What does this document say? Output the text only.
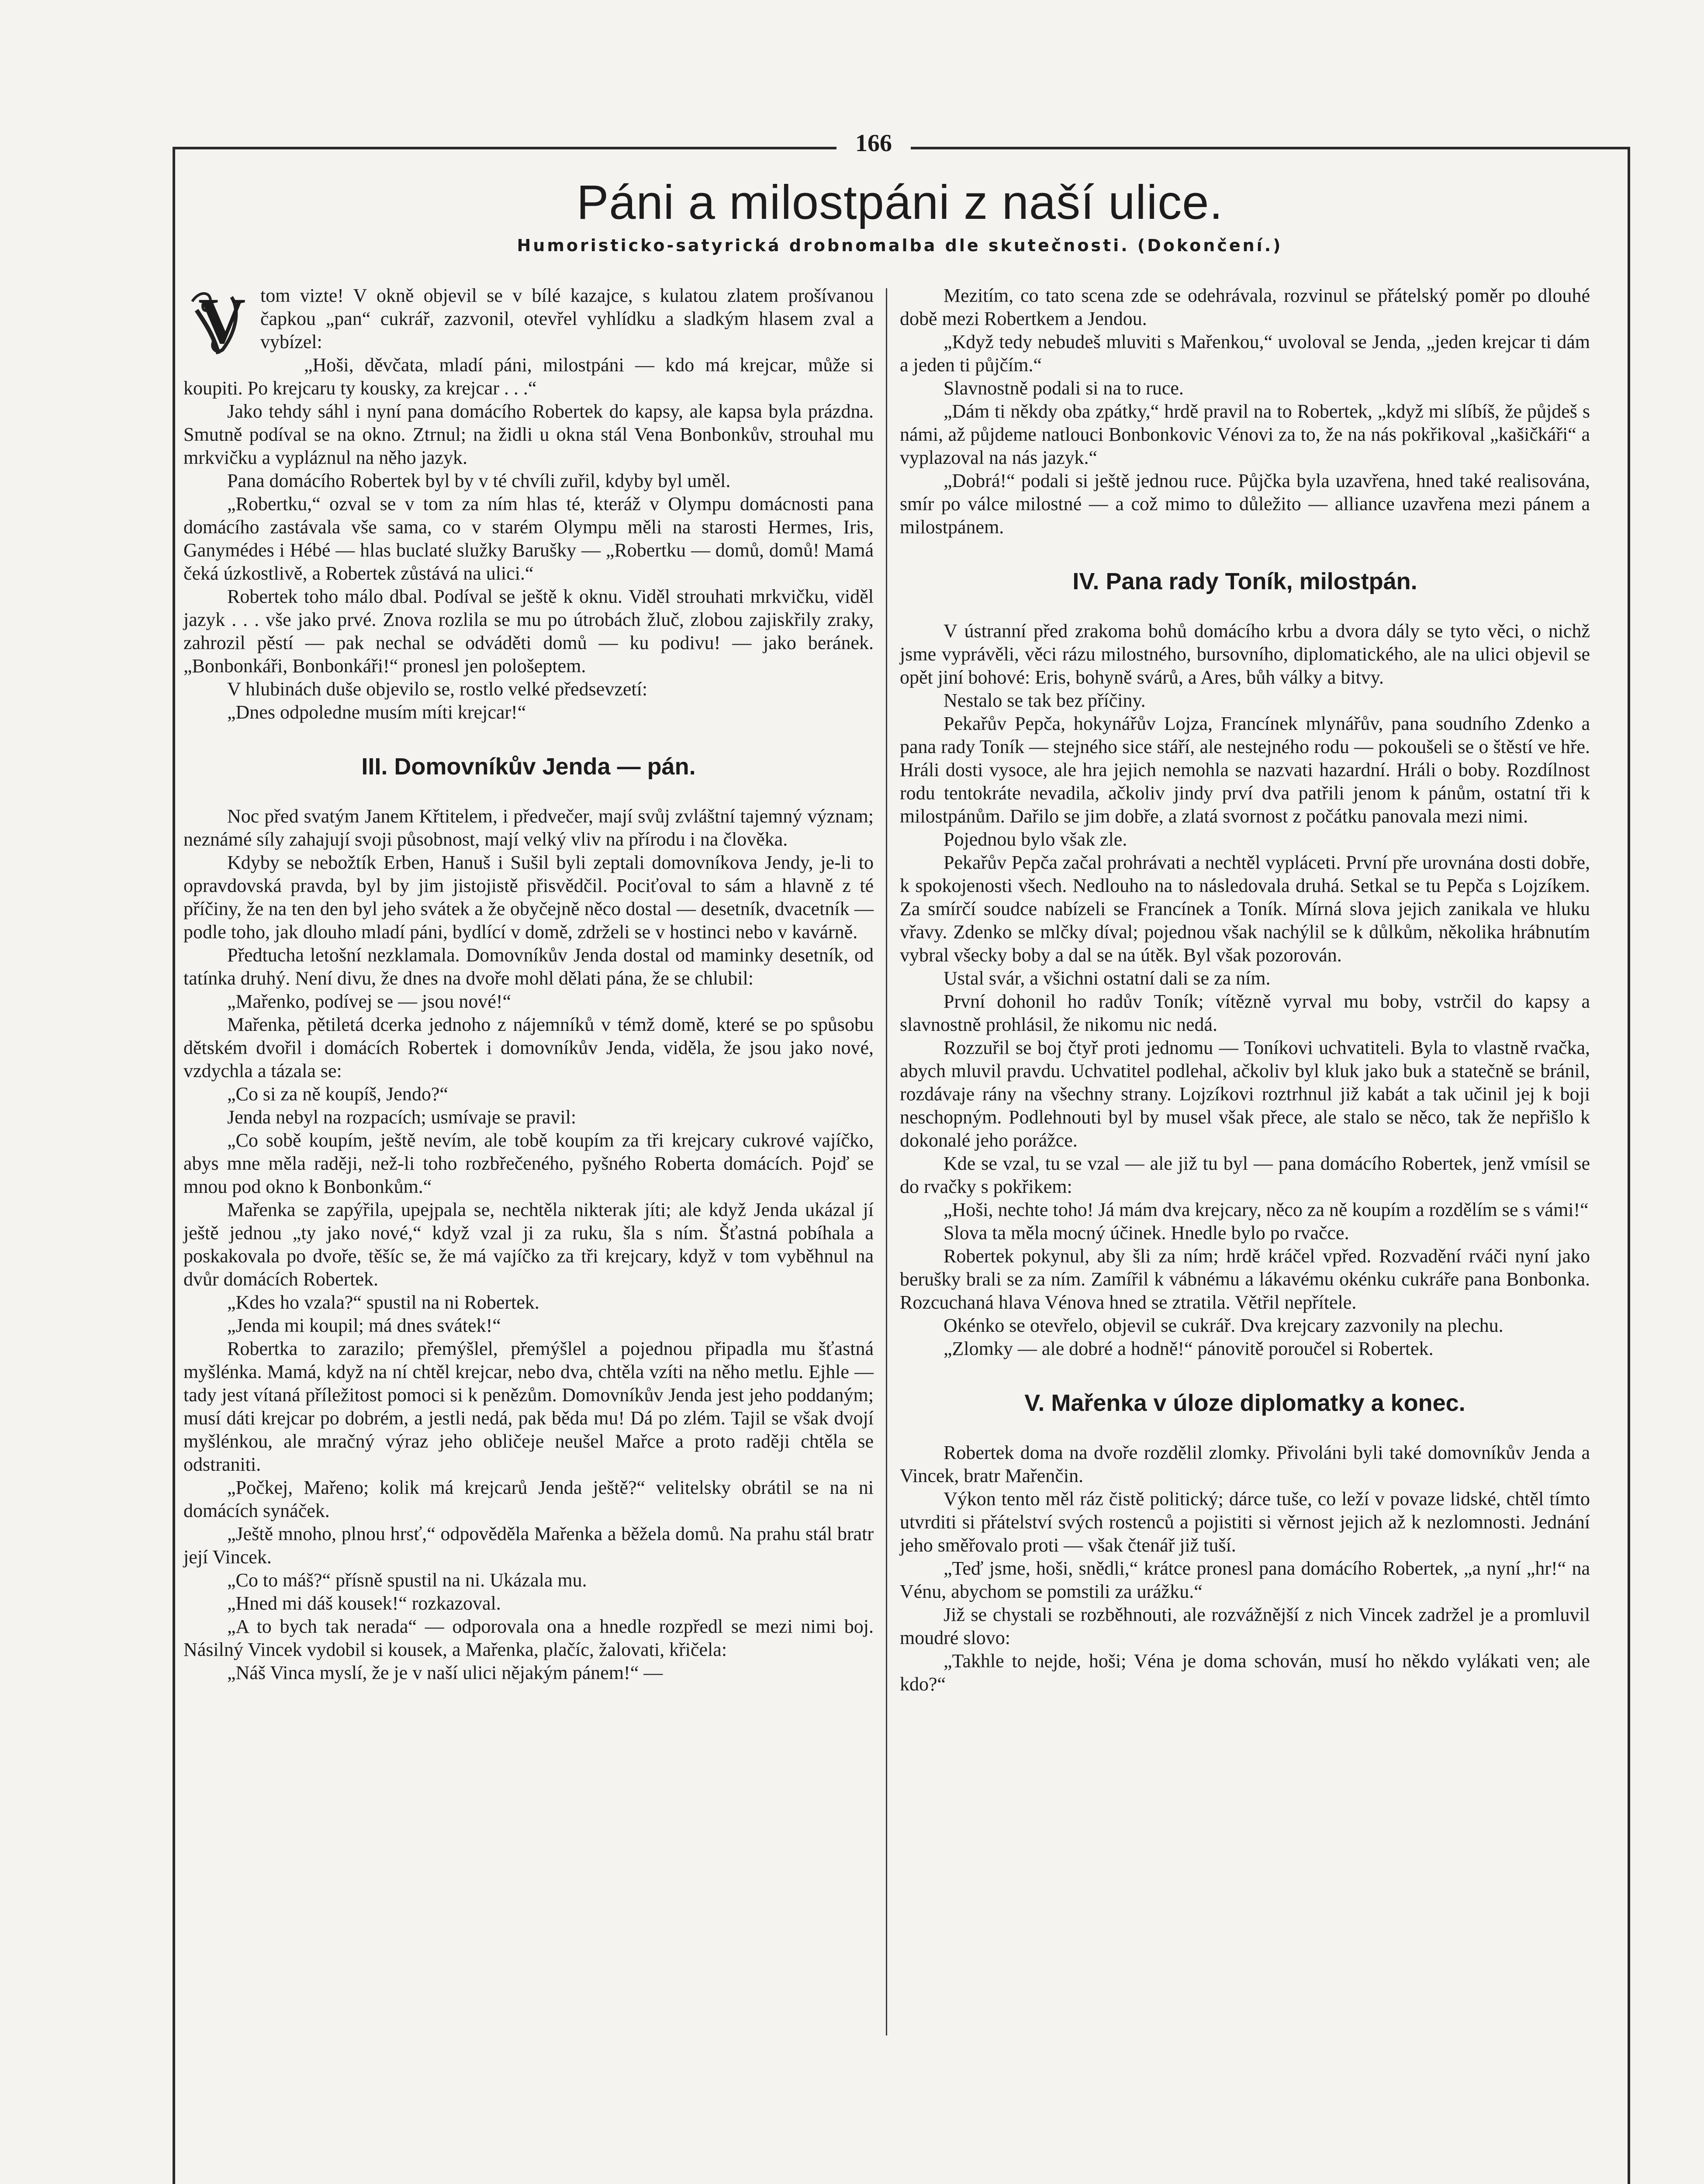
166
Páni a milostpáni z naší ulice.
Humoristicko-satyrická drobnomalba dle skutečnosti. (Dokončení.)
V tom vizte! V okně objevil se v bílé kazajce, s kulatou zlatem prošívanou čapkou „pan“ cukrář, zazvonil, otevřel vyhlídku a sladkým hlasem zval a vybízel:

„Hoši, děvčata, mladí páni, milostpáni — kdo má krejcar, může si koupiti. Po krejcaru ty kousky, za krejcar . . .“

Jako tehdy sáhl i nyní pana domácího Robertek do kapsy, ale kapsa byla prázdna. Smutně podíval se na okno. Ztrnul; na židli u okna stál Vena Bonbonkův, strouhal mu mrkvičku a vypláznul na něho jazyk.

Pana domácího Robertek byl by v té chvíli zuřil, kdyby byl uměl.

„Robertku,“ ozval se v tom za ním hlas té, kteráž v Olympu domácnosti pana domácího zastávala vše sama, co v starém Olympu měli na starosti Hermes, Iris, Ganymédes i Hébé — hlas buclaté služky Barušky — „Robertku — domů, domů! Mamá čeká úzkostlivě, a Robertek zůstává na ulici.“

Robertek toho málo dbal. Podíval se ještě k oknu. Viděl strouhati mrkvičku, viděl jazyk . . . vše jako prvé. Znova rozlila se mu po útrobách žluč, zlobou zajiskřily zraky, zahrozil pěstí — pak nechal se odváděti domů — ku podivu! — jako beránek. „Bonbonkáři, Bonbonkáři!“ pronesl jen pološeptem.

V hlubinách duše objevilo se, rostlo velké předsevzetí:

„Dnes odpoledne musím míti krejcar!“

III. Domovníkův Jenda — pán.

Noc před svatým Janem Křtitelem, i předvečer, mají svůj zvláštní tajemný význam; neznámé síly zahajují svoji působnost, mají velký vliv na přírodu i na člověka.

Kdyby se nebožtík Erben, Hanuš i Sušil byli zeptali domovníkova Jendy, je-li to opravdovská pravda, byl by jim jistojistě přisvědčil. Pociťoval to sám a hlavně z té příčiny, že na ten den byl jeho svátek a že obyčejně něco dostal — desetník, dvacetník — podle toho, jak dlouho mladí páni, bydlící v domě, zdrželi se v hostinci nebo v kavárně.

Předtucha letošní nezklamala. Domovníkův Jenda dostal od maminky desetník, od tatínka druhý. Není divu, že dnes na dvoře mohl dělati pána, že se chlubil:

„Mařenko, podívej se — jsou nové!“

Mařenka, pětiletá dcerka jednoho z nájemníků v témž domě, které se po spůsobu dětském dvořil i domácích Robertek i domovníkův Jenda, viděla, že jsou jako nové, vzdychla a tázala se:

„Co si za ně koupíš, Jendo?“

Jenda nebyl na rozpacích; usmívaje se pravil:

„Co sobě koupím, ještě nevím, ale tobě koupím za tři krejcary cukrové vajíčko, abys mne měla raději, než-li toho rozbřečeného, pyšného Roberta domácích. Pojď se mnou pod okno k Bonbonkům.“

Mařenka se zapýřila, upejpala se, nechtěla nikterak jíti; ale když Jenda ukázal jí ještě jednou „ty jako nové,“ když vzal ji za ruku, šla s ním. Šťastná pobíhala a poskakovala po dvoře, těšíc se, že má vajíčko za tři krejcary, když v tom vyběhnul na dvůr domácích Robertek.

„Kdes ho vzala?“ spustil na ni Robertek.

„Jenda mi koupil; má dnes svátek!“

Robertka to zarazilo; přemýšlel, přemýšlel a pojednou připadla mu šťastná myšlénka. Mamá, když na ní chtěl krejcar, nebo dva, chtěla vzíti na něho metlu. Ejhle — tady jest vítaná příležitost pomoci si k penězům. Domovníkův Jenda jest jeho poddaným; musí dáti krejcar po dobrém, a jestli nedá, pak běda mu! Dá po zlém. Tajil se však dvojí myšlénkou, ale mračný výraz jeho obličeje neušel Mařce a proto raději chtěla se odstraniti.

„Počkej, Mařeno; kolik má krejcarů Jenda ještě?“ velitelsky obrátil se na ni domácích synáček.

„Ještě mnoho, plnou hrsť,“ odpověděla Mařenka a běžela domů. Na prahu stál bratr její Vincek.

„Co to máš?“ přísně spustil na ni. Ukázala mu.

„Hned mi dáš kousek!“ rozkazoval.

„A to bych tak nerada“ — odporovala ona a hnedle rozpředl se mezi nimi boj. Násilný Vincek vydobil si kousek, a Mařenka, plačíc, žalovati, křičela:

„Náš Vinca myslí, že je v naší ulici nějakým pánem!“ —

Mezitím, co tato scena zde se odehrávala, rozvinul se přátelský poměr po dlouhé době mezi Robertkem a Jendou.

„Když tedy nebudeš mluviti s Mařenkou,“ uvoloval se Jenda, „jeden krejcar ti dám a jeden ti půjčím.“

Slavnostně podali si na to ruce.

„Dám ti někdy oba zpátky,“ hrdě pravil na to Robertek, „když mi slíbíš, že půjdeš s námi, až půjdeme natlouci Bonbonkovic Vénovi za to, že na nás pokřikoval „kašičkáři“ a vyplazoval na nás jazyk.“

„Dobrá!“ podali si ještě jednou ruce. Půjčka byla uzavřena, hned také realisována, smír po válce milostné — a což mimo to důležito — alliance uzavřena mezi pánem a milostpánem.

IV. Pana rady Toník, milostpán.

V ústranní před zrakoma bohů domácího krbu a dvora dály se tyto věci, o nichž jsme vyprávěli, věci rázu milostného, bursovního, diplomatického, ale na ulici objevil se opět jiní bohové: Eris, bohyně svárů, a Ares, bůh války a bitvy.

Nestalo se tak bez příčiny.

Pekařův Pepča, hokynářův Lojza, Francínek mlynářův, pana soudního Zdenko a pana rady Toník — stejného sice stáří, ale nestejného rodu — pokoušeli se o štěstí ve hře. Hráli dosti vysoce, ale hra jejich nemohla se nazvati hazardní. Hráli o boby. Rozdílnost rodu tentokráte nevadila, ačkoliv jindy prví dva patřili jenom k pánům, ostatní tři k milostpánům. Dařilo se jim dobře, a zlatá svornost z počátku panovala mezi nimi.

Pojednou bylo však zle.

Pekařův Pepča začal prohrávati a nechtěl vypláceti. První pře urovnána dosti dobře, k spokojenosti všech. Nedlouho na to následovala druhá. Setkal se tu Pepča s Lojzíkem. Za smírčí soudce nabízeli se Francínek a Toník. Mírná slova jejich zanikala ve hluku vřavy. Zdenko se mlčky díval; pojednou však nachýlil se k důlkům, několika hrábnutím vybral všecky boby a dal se na útěk. Byl však pozorován.

Ustal svár, a všichni ostatní dali se za ním.

První dohonil ho radův Toník; vítězně vyrval mu boby, vstrčil do kapsy a slavnostně prohlásil, že nikomu nic nedá.

Rozzuřil se boj čtyř proti jednomu — Toníkovi uchvatiteli. Byla to vlastně rvačka, abych mluvil pravdu. Uchvatitel podlehal, ačkoliv byl kluk jako buk a statečně se bránil, rozdávaje rány na všechny strany. Lojzíkovi roztrhnul již kabát a tak učinil jej k boji neschopným. Podlehnouti byl by musel však přece, ale stalo se něco, tak že nepřišlo k dokonalé jeho porážce.

Kde se vzal, tu se vzal — ale již tu byl — pana domácího Robertek, jenž vmísil se do rvačky s pokřikem:

„Hoši, nechte toho! Já mám dva krejcary, něco za ně koupím a rozdělím se s vámi!“

Slova ta měla mocný účinek. Hnedle bylo po rvačce.

Robertek pokynul, aby šli za ním; hrdě kráčel vpřed. Rozvadění rváči nyní jako berušky brali se za ním. Zamířil k vábnému a lákavému okénku cukráře pana Bonbonka. Rozcuchaná hlava Vénova hned se ztratila. Větřil nepřítele.

Okénko se otevřelo, objevil se cukrář. Dva krejcary zazvonily na plechu.

„Zlomky — ale dobré a hodně!“ pánovitě poroučel si Robertek.

V. Mařenka v úloze diplomatky a konec.

Robertek doma na dvoře rozdělil zlomky. Přivoláni byli také domovníkův Jenda a Vincek, bratr Mařenčin.

Výkon tento měl ráz čistě politický; dárce tuše, co leží v povaze lidské, chtěl tímto utvrditi si přátelství svých rostenců a pojistiti si věrnost jejich až k nezlomnosti. Jednání jeho směřovalo proti — však čtenář již tuší.

„Teď jsme, hoši, snědli,“ krátce pronesl pana domácího Robertek, „a nyní „hr!“ na Vénu, abychom se pomstili za urážku.“

Již se chystali se rozběhnouti, ale rozvážnější z nich Vincek zadržel je a promluvil moudré slovo:

„Takhle to nejde, hoši; Véna je doma schován, musí ho někdo vylákati ven; ale kdo?“
